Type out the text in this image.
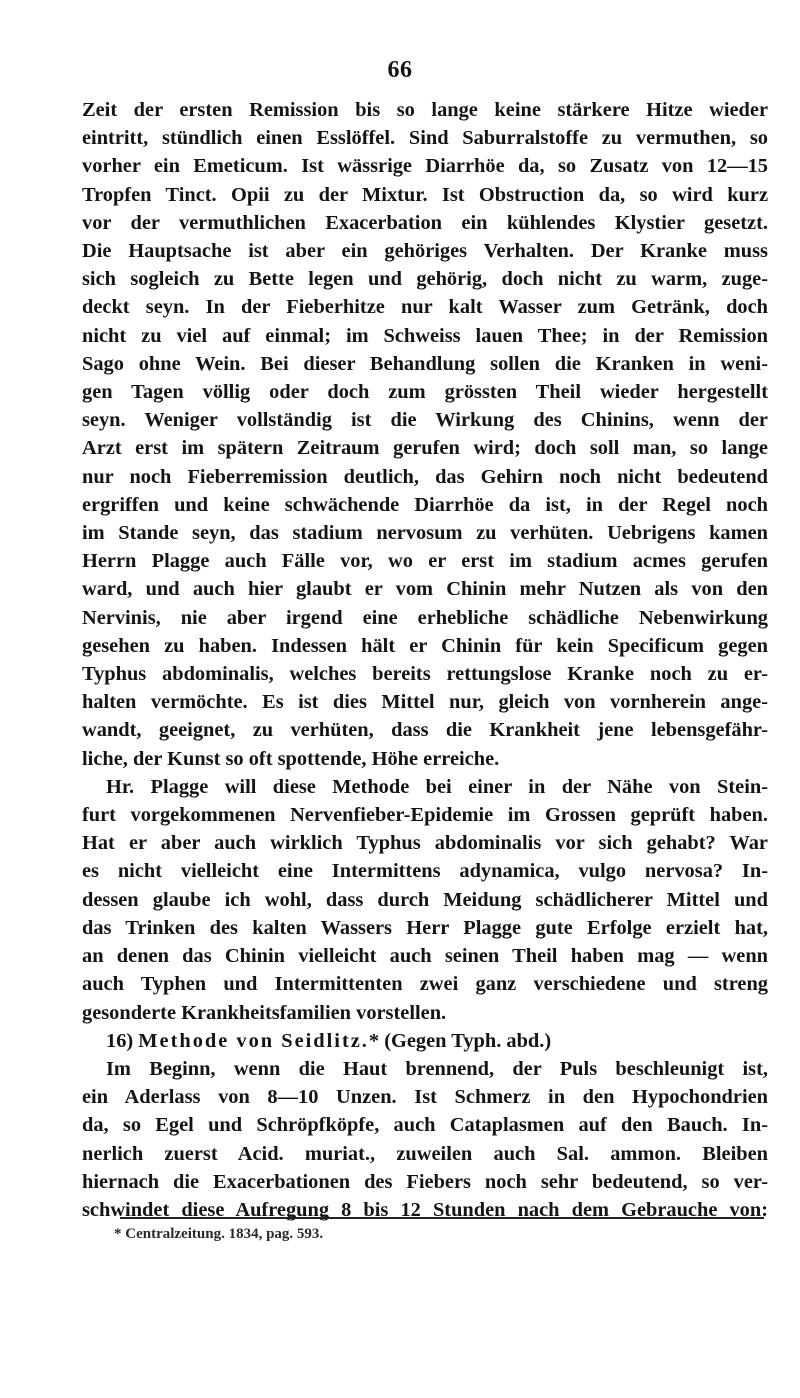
66

Zeit der ersten Remission bis so lange keine stärkere Hitze wieder

eintritt, stündlich einen Esslöffel. Sind Saburralstoffe zu vermuthen, so

vorher ein Emeticum. Ist wässrige Diarrhöe da, so Zusatz von 12—15

Tropfen Tinct. Opii zu der Mixtur. Ist Obstruction da, so wird kurz

vor der vermuthlichen Exacerbation ein kühlendes Klystier gesetzt.

Die Hauptsache ist aber ein gehöriges Verhalten. Der Kranke muss

sich sogleich zu Bette legen und gehörig, doch nicht zu warm, zuge-

deckt seyn. In der Fieberhitze nur kalt Wasser zum Getränk, doch

nicht zu viel auf einmal; im Schweiss lauen Thee; in der Remission

Sago ohne Wein. Bei dieser Behandlung sollen die Kranken in weni-

gen Tagen völlig oder doch zum grössten Theil wieder hergestellt

seyn. Weniger vollständig ist die Wirkung des Chinins, wenn der

Arzt erst im spätern Zeitraum gerufen wird; doch soll man, so lange

nur noch Fieberremission deutlich, das Gehirn noch nicht bedeutend

ergriffen und keine schwächende Diarrhöe da ist, in der Regel noch

im Stande seyn, das stadium nervosum zu verhüten. Uebrigens kamen

Herrn Plagge auch Fälle vor, wo er erst im stadium acmes gerufen

ward, und auch hier glaubt er vom Chinin mehr Nutzen als von den

Nervinis, nie aber irgend eine erhebliche schädliche Nebenwirkung

gesehen zu haben. Indessen hält er Chinin für kein Specificum gegen

Typhus abdominalis, welches bereits rettungslose Kranke noch zu er-

halten vermöchte. Es ist dies Mittel nur, gleich von vornherein ange-

wandt, geeignet, zu verhüten, dass die Krankheit jene lebensgefähr-

liche, der Kunst so oft spottende, Höhe erreiche.

Hr. Plagge will diese Methode bei einer in der Nähe von Stein-

furt vorgekommenen Nervenfieber-Epidemie im Grossen geprüft haben.

Hat er aber auch wirklich Typhus abdominalis vor sich gehabt? War

es nicht vielleicht eine Intermittens adynamica, vulgo nervosa? In-

dessen glaube ich wohl, dass durch Meidung schädlicherer Mittel und

das Trinken des kalten Wassers Herr Plagge gute Erfolge erzielt hat,

an denen das Chinin vielleicht auch seinen Theil haben mag — wenn

auch Typhen und Intermittenten zwei ganz verschiedene und streng

gesonderte Krankheitsfamilien vorstellen.

16) Methode von Seidlitz.* (Gegen Typh. abd.)

Im Beginn, wenn die Haut brennend, der Puls beschleunigt ist,

ein Aderlass von 8—10 Unzen. Ist Schmerz in den Hypochondrien

da, so Egel und Schröpfköpfe, auch Cataplasmen auf den Bauch. In-

nerlich zuerst Acid. muriat., zuweilen auch Sal. ammon. Bleiben

hiernach die Exacerbationen des Fiebers noch sehr bedeutend, so ver-

schwindet diese Aufregung 8 bis 12 Stunden nach dem Gebrauche von:

* Centralzeitung. 1834, pag. 593.
